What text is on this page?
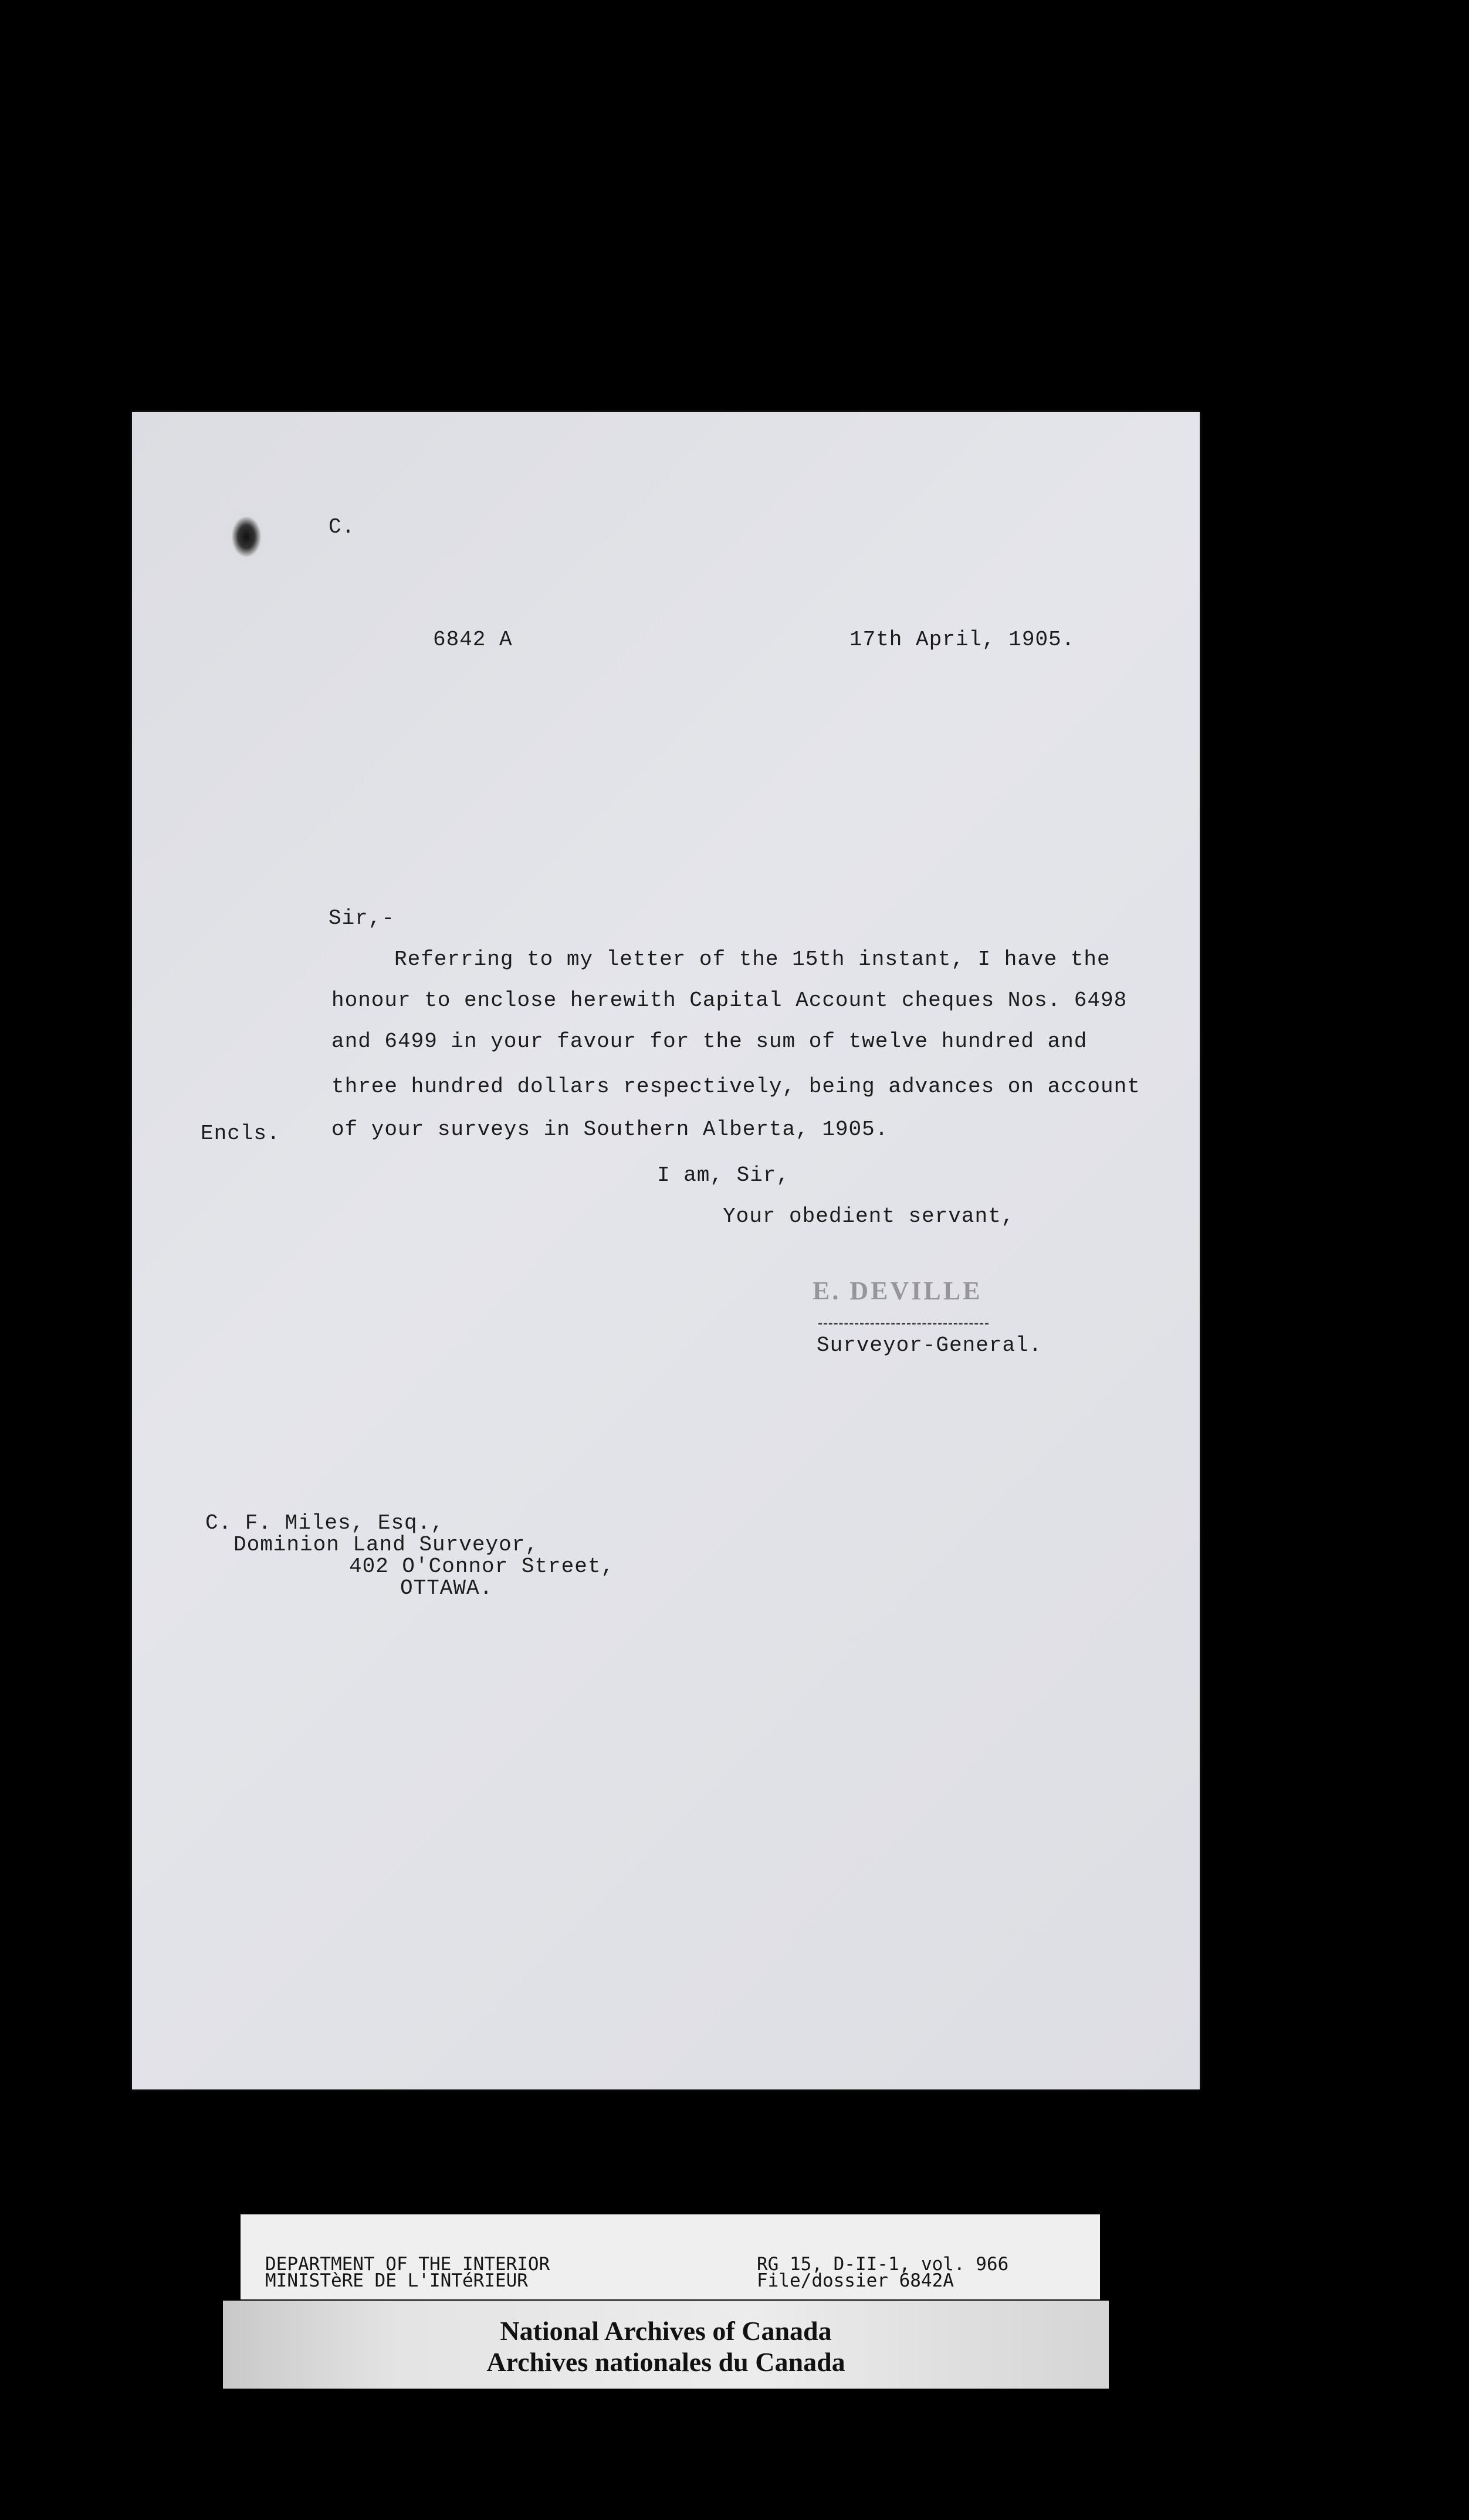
C.
6842 A	17th April, 1905.
Sir,-
Referring to my letter of the 15th instant, I have the
honour to enclose herewith Capital Account cheques Nos. 6498
and 6499 in your favour for the sum of twelve hundred and
three hundred dollars respectively, being advances on account
of your surveys in Southern Alberta, 1905.
Encls.
I am, Sir,
Your obedient servant,
E. DEVILLE
Surveyor-General.
C. F. Miles, Esq.,
Dominion Land Surveyor,
402 O'Connor Street,
OTTAWA.
DEPARTMENT OF THE INTERIOR
MINISTèRE DE L'INTéRIEUR
RG 15, D-II-1, vol. 966
File/dossier 6842A
National Archives of Canada
Archives nationales du Canada
